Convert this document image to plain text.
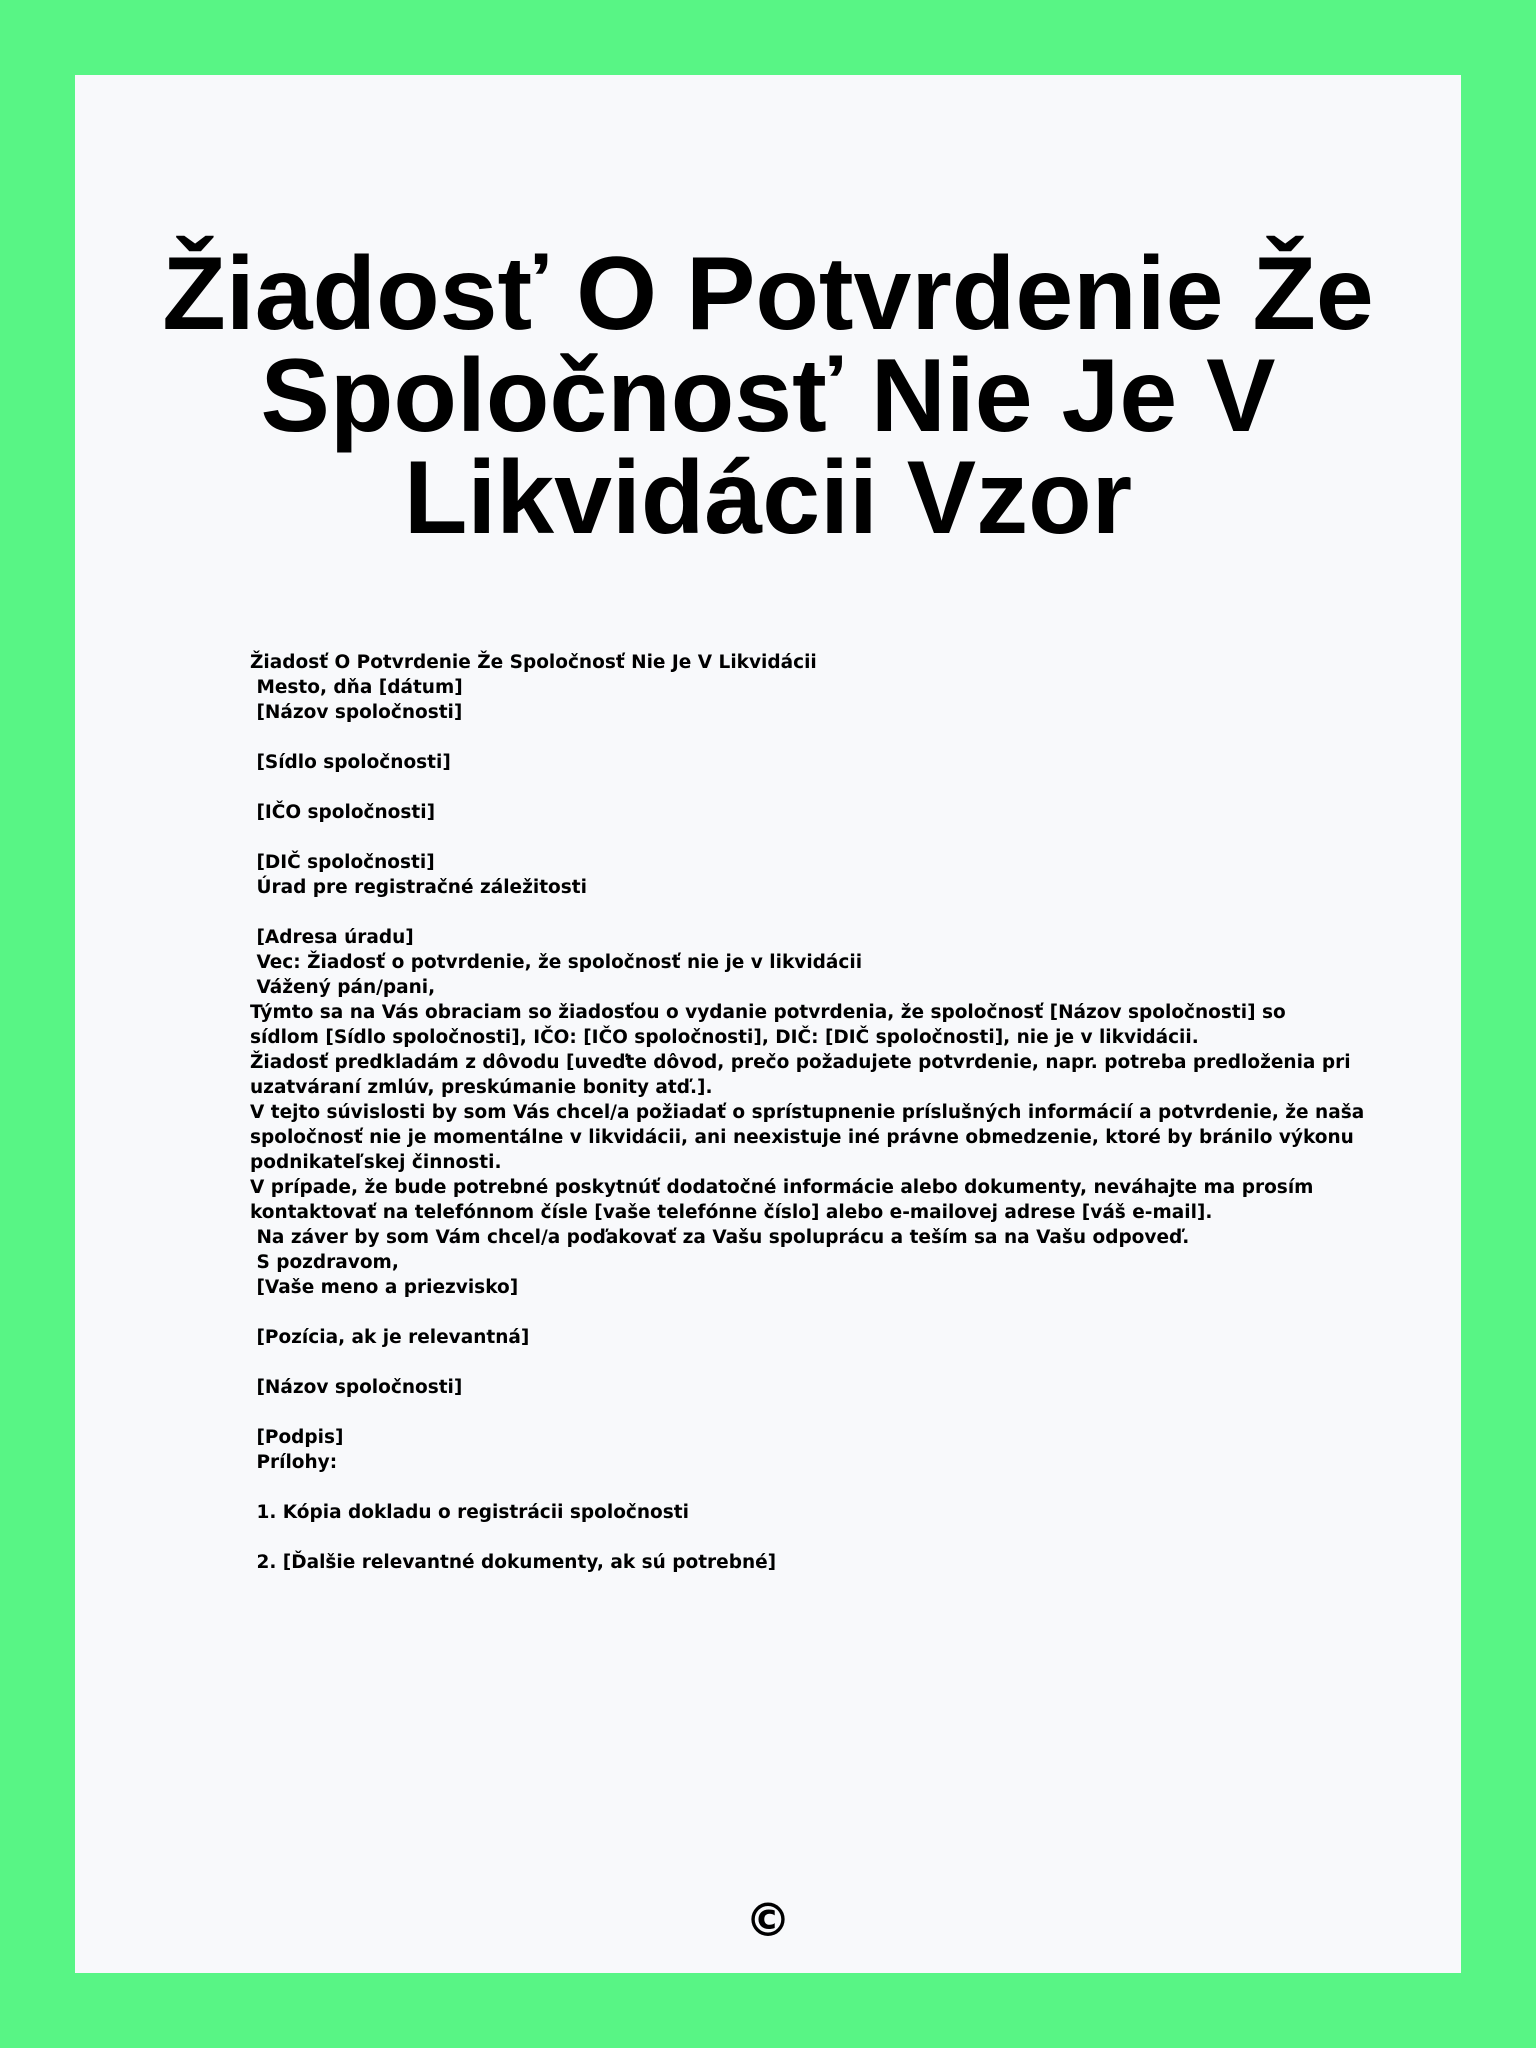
Žiadosť O Potvrdenie Že
Spoločnosť Nie Je V
Likvidácii Vzor
Žiadosť O Potvrdenie Že Spoločnosť Nie Je V Likvidácii
Mesto, dňa [dátum]
[Názov spoločnosti]
[Sídlo spoločnosti]
[IČO spoločnosti]
[DIČ spoločnosti]
Úrad pre registračné záležitosti
[Adresa úradu]
Vec: Žiadosť o potvrdenie, že spoločnosť nie je v likvidácii
Vážený pán/pani,
Týmto sa na Vás obraciam so žiadosťou o vydanie potvrdenia, že spoločnosť [Názov spoločnosti] so
sídlom [Sídlo spoločnosti], IČO: [IČO spoločnosti], DIČ: [DIČ spoločnosti], nie je v likvidácii.
Žiadosť predkladám z dôvodu [uveďte dôvod, prečo požadujete potvrdenie, napr. potreba predloženia pri
uzatváraní zmlúv, preskúmanie bonity atď.].
V tejto súvislosti by som Vás chcel/a požiadať o sprístupnenie príslušných informácií a potvrdenie, že naša
spoločnosť nie je momentálne v likvidácii, ani neexistuje iné právne obmedzenie, ktoré by bránilo výkonu
podnikateľskej činnosti.
V prípade, že bude potrebné poskytnúť dodatočné informácie alebo dokumenty, neváhajte ma prosím
kontaktovať na telefónnom čísle [vaše telefónne číslo] alebo e-mailovej adrese [váš e-mail].
Na záver by som Vám chcel/a poďakovať za Vašu spoluprácu a teším sa na Vašu odpoveď.
S pozdravom,
[Vaše meno a priezvisko]
[Pozícia, ak je relevantná]
[Názov spoločnosti]
[Podpis]
Prílohy:
1. Kópia dokladu o registrácii spoločnosti
2. [Ďalšie relevantné dokumenty, ak sú potrebné]
©
